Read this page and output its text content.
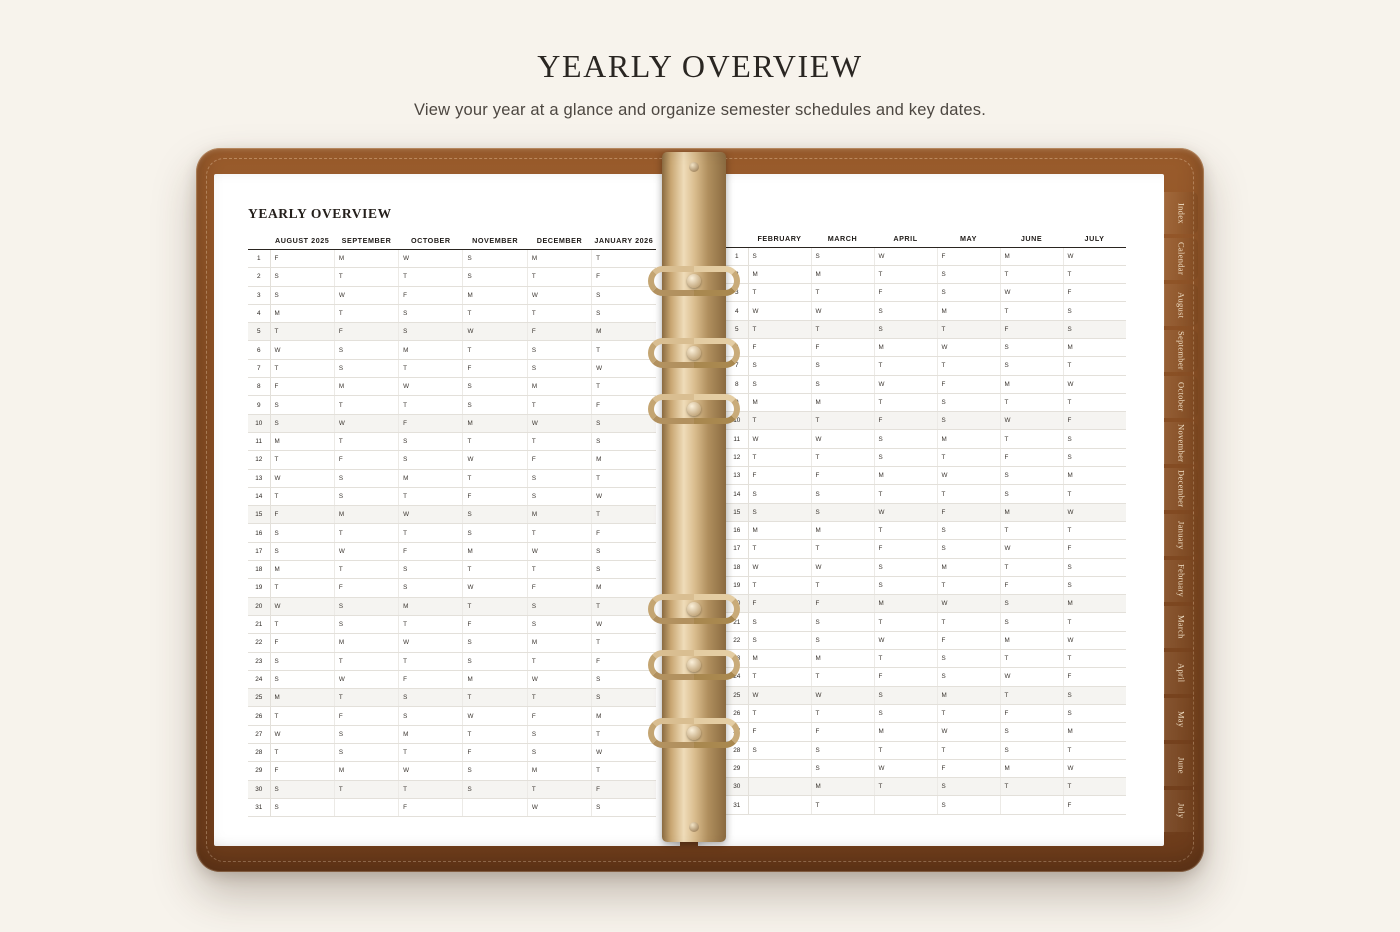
YEARLY OVERVIEW

View your year at a glance and organize semester schedules and key dates.

YEARLY OVERVIEW
	AUGUST 2025	SEPTEMBER	OCTOBER	NOVEMBER	DECEMBER	JANUARY 2026
1	F	M	W	S	M	T
2	S	T	T	S	T	F
3	S	W	F	M	W	S
4	M	T	S	T	T	S
5	T	F	S	W	F	M
6	W	S	M	T	S	T
7	T	S	T	F	S	W
8	F	M	W	S	M	T
9	S	T	T	S	T	F
10	S	W	F	M	W	S
11	M	T	S	T	T	S
12	T	F	S	W	F	M
13	W	S	M	T	S	T
14	T	S	T	F	S	W
15	F	M	W	S	M	T
16	S	T	T	S	T	F
17	S	W	F	M	W	S
18	M	T	S	T	T	S
19	T	F	S	W	F	M
20	W	S	M	T	S	T
21	T	S	T	F	S	W
22	F	M	W	S	M	T
23	S	T	T	S	T	F
24	S	W	F	M	W	S
25	M	T	S	T	T	S
26	T	F	S	W	F	M
27	W	S	M	T	S	T
28	T	S	T	F	S	W
29	F	M	W	S	M	T
30	S	T	T	S	T	F
31	S		F		W	S
	FEBRUARY	MARCH	APRIL	MAY	JUNE	JULY
1	S	S	W	F	M	W
2	M	M	T	S	T	T
3	T	T	F	S	W	F
4	W	W	S	M	T	S
5	T	T	S	T	F	S
6	F	F	M	W	S	M
7	S	S	T	T	S	T
8	S	S	W	F	M	W
9	M	M	T	S	T	T
10	T	T	F	S	W	F
11	W	W	S	M	T	S
12	T	T	S	T	F	S
13	F	F	M	W	S	M
14	S	S	T	T	S	T
15	S	S	W	F	M	W
16	M	M	T	S	T	T
17	T	T	F	S	W	F
18	W	W	S	M	T	S
19	T	T	S	T	F	S
20	F	F	M	W	S	M
21	S	S	T	T	S	T
22	S	S	W	F	M	W
23	M	M	T	S	T	T
24	T	T	F	S	W	F
25	W	W	S	M	T	S
26	T	T	S	T	F	S
27	F	F	M	W	S	M
28	S	S	T	T	S	T
29		S	W	F	M	W
30		M	T	S	T	T
31		T		S		F
Index
Calendar
August
September
October
November
December
January
February
March
April
May
June
July
